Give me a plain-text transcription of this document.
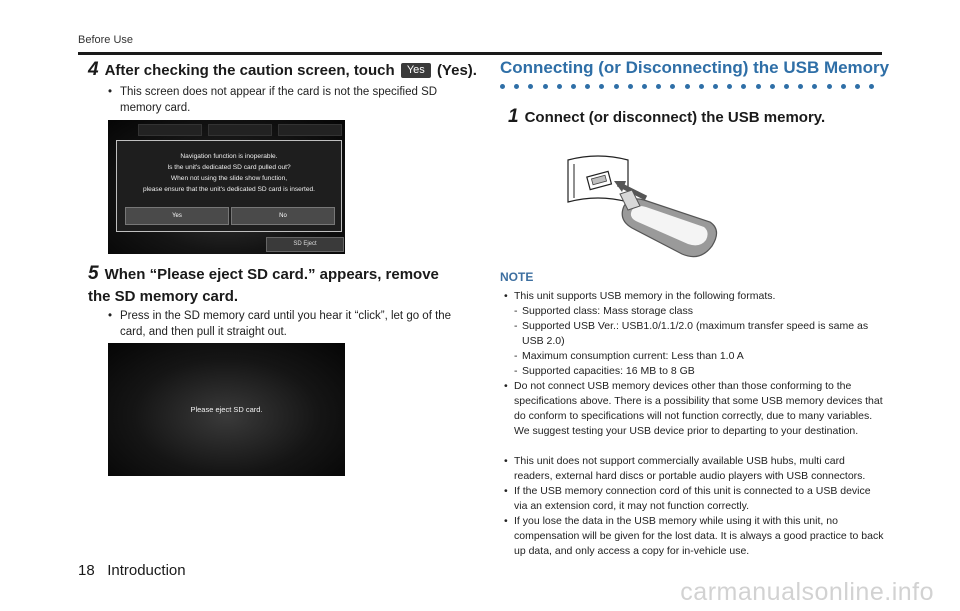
Before Use
4 After checking the caution screen, touch Yes (Yes).
• This screen does not appear if the card is not the specified SD memory card.
Navigation function is inoperable.
Is the unit's dedicated SD card pulled out?
When not using the slide show function,
please ensure that the unit's dedicated SD card is inserted.
Yes	No
SD Eject
5 When “Please eject SD card.” appears, remove the SD memory card.
• Press in the SD memory card until you hear it “click”, let go of the card, and then pull it straight out.
Please eject SD card.
Connecting (or Disconnecting) the USB Memory
1 Connect (or disconnect) the USB memory.
NOTE
• This unit supports USB memory in the following formats.
- Supported class: Mass storage class
- Supported USB Ver.: USB1.0/1.1/2.0 (maximum transfer speed is same as USB 2.0)
- Maximum consumption current: Less than 1.0 A
- Supported capacities: 16 MB to 8 GB
• Do not connect USB memory devices other than those conforming to the specifications above. There is a possibility that some USB memory devices that do conform to specifications will not function correctly, due to many variables. We suggest testing your USB device prior to departing to your destination.
• This unit does not support commercially available USB hubs, multi card readers, external hard discs or portable audio players with USB connectors.
• If the USB memory connection cord of this unit is connected to a USB device via an extension cord, it may not function correctly.
• If you lose the data in the USB memory while using it with this unit, no compensation will be given for the lost data. It is always a good practice to back up data, and only access a copy for in-vehicle use.
18 Introduction
carmanualsonline.info
